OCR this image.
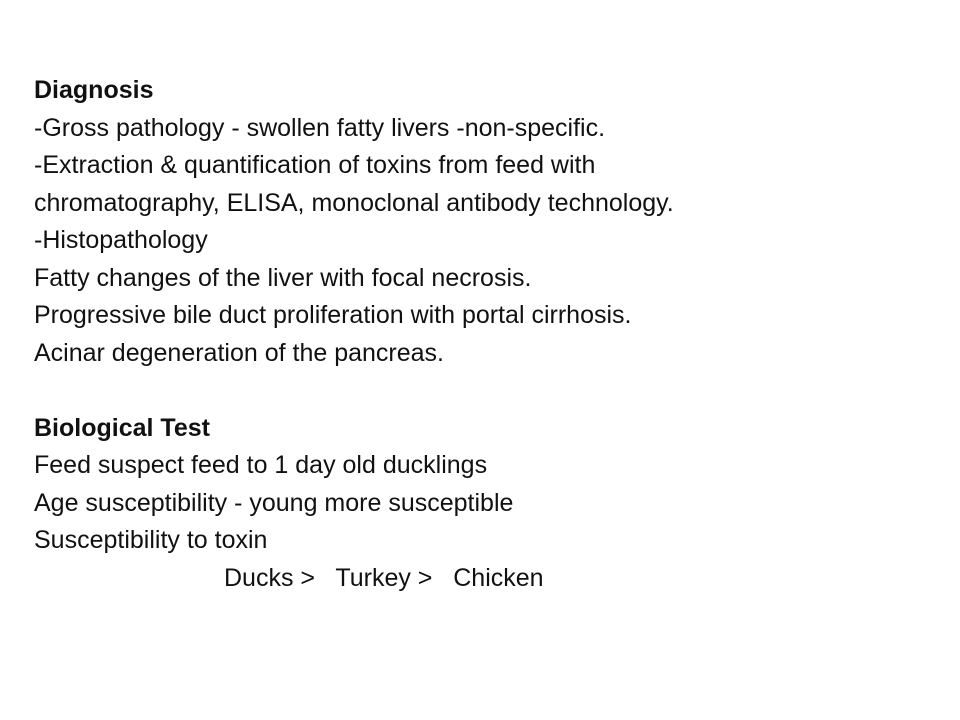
Diagnosis
-Gross pathology - swollen fatty livers -non-specific.
-Extraction & quantification of toxins from feed with
chromatography, ELISA, monoclonal antibody technology.
-Histopathology
Fatty changes of the liver with focal necrosis.
Progressive bile duct proliferation with portal cirrhosis.
Acinar degeneration of the pancreas.
Biological Test
Feed suspect feed to 1 day old ducklings
Age susceptibility - young more susceptible
Susceptibility to toxin
Ducks >   Turkey >   Chicken
